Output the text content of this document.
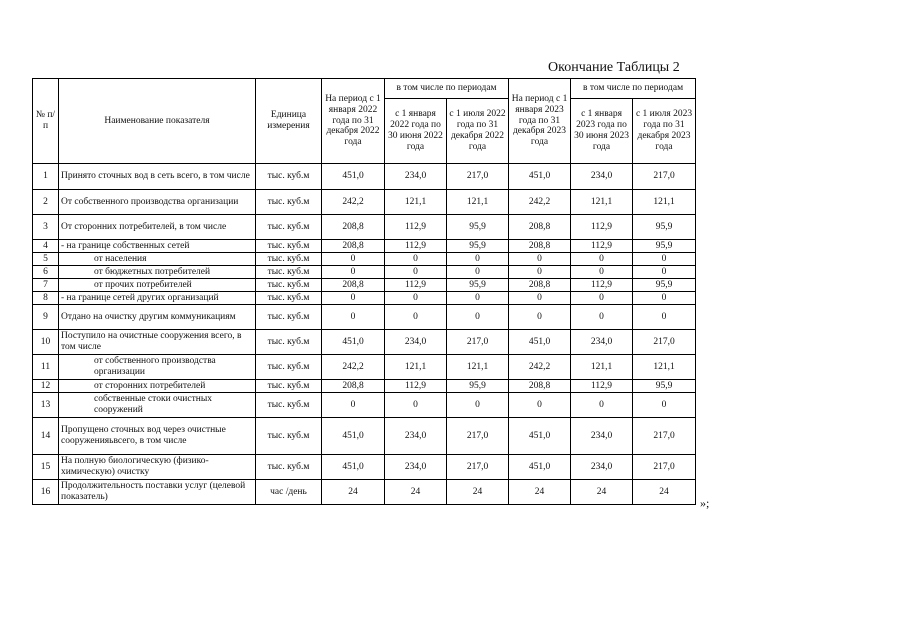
Окончание Таблицы 2
№ п/п	Наименование показателя	Единица измерения	На период с 1 января 2022 года по 31 декабря 2022 года	в том числе по периодам		На период с 1 января 2023 года по 31 декабря 2023 года	в том числе по периодам	
				с 1 января 2022 года по 30 июня 2022 года	с 1 июля 2022 года по 31 декабря 2022 года		с 1 января 2023 года по 30 июня 2023 года	с 1 июля 2023 года по 31 декабря 2023 года
1	Принято сточных вод в сеть всего, в том числе	тыс. куб.м	451,0	234,0	217,0	451,0	234,0	217,0
2	От собственного производства организации	тыс. куб.м	242,2	121,1	121,1	242,2	121,1	121,1
3	От сторонних потребителей, в том числе	тыс. куб.м	208,8	112,9	95,9	208,8	112,9	95,9
4	- на границе собственных сетей	тыс. куб.м	208,8	112,9	95,9	208,8	112,9	95,9
5	от населения	тыс. куб.м	0	0	0	0	0	0
6	от бюджетных потребителей	тыс. куб.м	0	0	0	0	0	0
7	от прочих потребителей	тыс. куб.м	208,8	112,9	95,9	208,8	112,9	95,9
8	- на границе сетей других организаций	тыс. куб.м	0	0	0	0	0	0
9	Отдано на очистку другим коммуникациям	тыс. куб.м	0	0	0	0	0	0
10	Поступило на очистные сооружения всего, в том числе	тыс. куб.м	451,0	234,0	217,0	451,0	234,0	217,0
11	от собственного производства организации	тыс. куб.м	242,2	121,1	121,1	242,2	121,1	121,1
12	от сторонних потребителей	тыс. куб.м	208,8	112,9	95,9	208,8	112,9	95,9
13	собственные стоки очистных сооружений	тыс. куб.м	0	0	0	0	0	0
14	Пропущено сточных вод через очистные сооруженияьвсего, в том числе	тыс. куб.м	451,0	234,0	217,0	451,0	234,0	217,0
15	На полную биологическую (физико-химическую) очистку	тыс. куб.м	451,0	234,0	217,0	451,0	234,0	217,0
16	Продолжительность поставки услуг (целевой показатель)	час /день	24	24	24	24	24	24
»;
